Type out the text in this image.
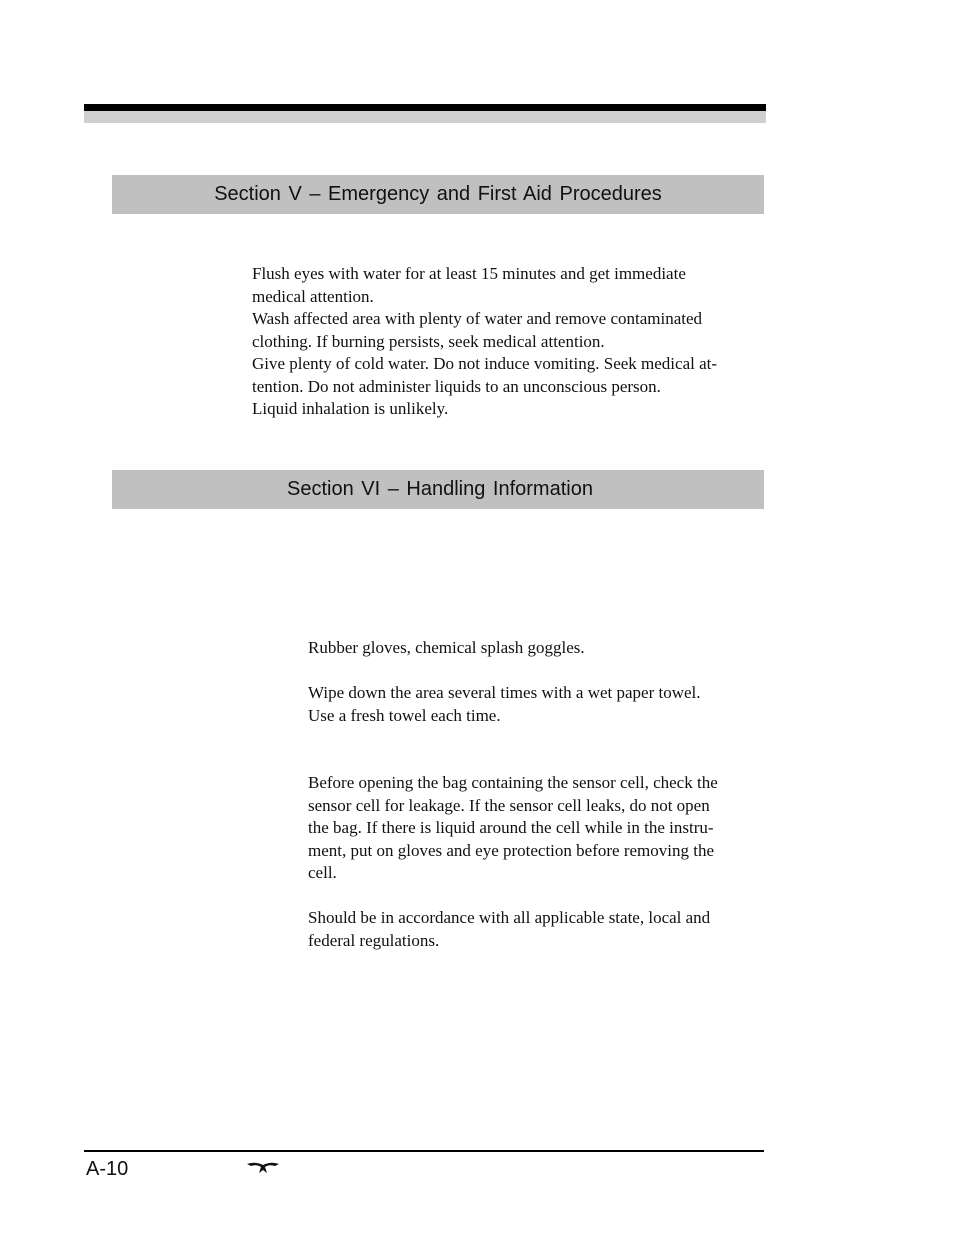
Section V – Emergency and First Aid Procedures

Flush eyes with water for at least 15 minutes and get immediate

medical attention.

Wash affected area with plenty of water and remove contaminated

clothing. If burning persists, seek medical attention.

Give plenty of cold water. Do not induce vomiting. Seek medical at-

tention. Do not administer liquids to an unconscious person.

Liquid inhalation is unlikely.

Section VI – Handling Information

Rubber gloves, chemical splash goggles.

Wipe down the area several times with a wet paper towel.

Use a fresh towel each time.

Before opening the bag containing the sensor cell, check the

sensor cell for leakage. If the sensor cell leaks, do not open

the bag. If there is liquid around the cell while in the instru-

ment, put on gloves and eye protection before removing the

cell.

Should be in accordance with all applicable state, local and

federal regulations.

A-10
